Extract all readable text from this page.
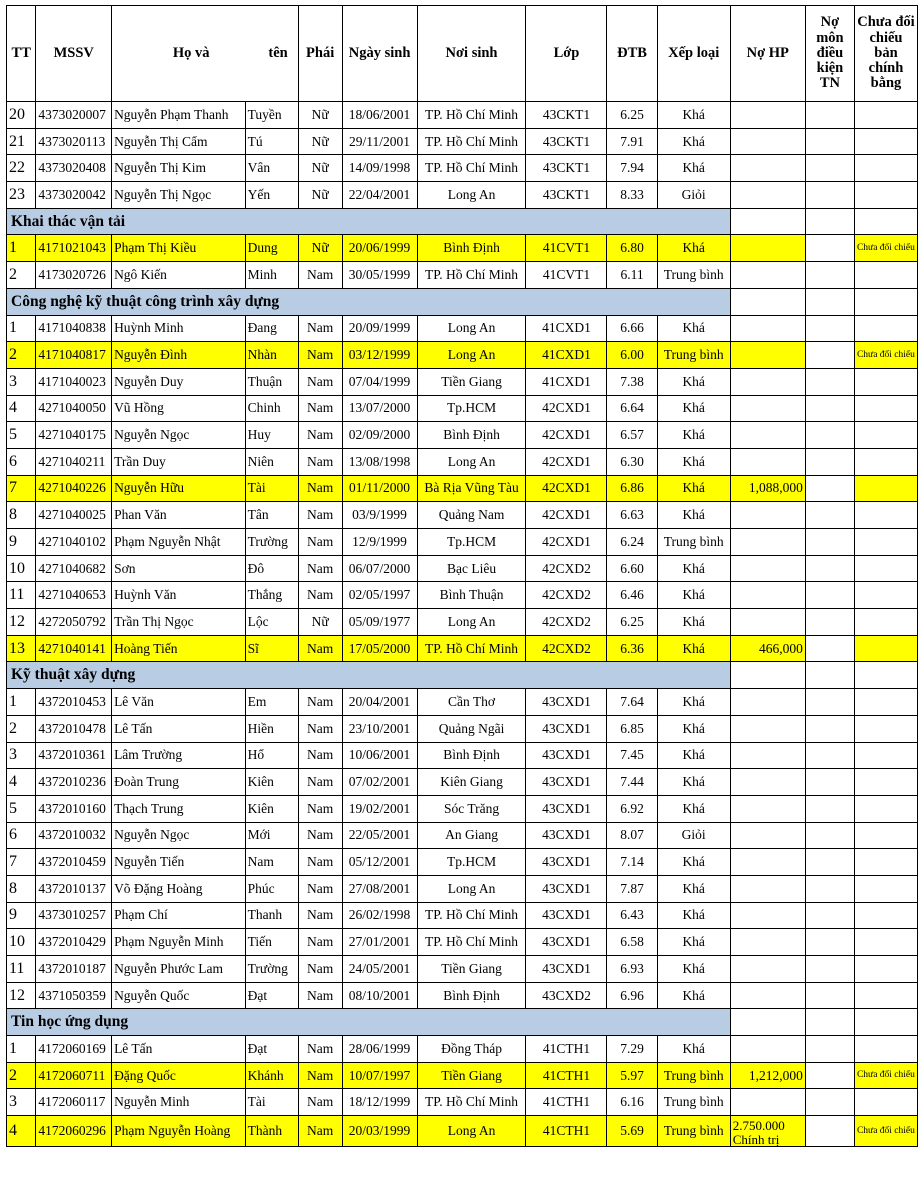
TT	MSSV	Họ và tên		Phái	Ngày sinh	Nơi sinh	Lớp	ĐTB	Xếp loại	Nợ HP	Nợ môn điều kiện TN	Chưa đối chiếu bản chính bằng
20	4373020007	Nguyễn Phạm Thanh	Tuyền	Nữ	18/06/2001	TP. Hồ Chí Minh	43CKT1	6.25	Khá			
21	4373020113	Nguyễn Thị Cẩm	Tú	Nữ	29/11/2001	TP. Hồ Chí Minh	43CKT1	7.91	Khá			
22	4373020408	Nguyễn Thị Kim	Vân	Nữ	14/09/1998	TP. Hồ Chí Minh	43CKT1	7.94	Khá			
23	4373020042	Nguyễn Thị Ngọc	Yến	Nữ	22/04/2001	Long An	43CKT1	8.33	Giỏi			
Khai thác vận tải												
1	4171021043	Phạm Thị Kiều	Dung	Nữ	20/06/1999	Bình Định	41CVT1	6.80	Khá			Chưa đối chiếu
2	4173020726	Ngô Kiến	Minh	Nam	30/05/1999	TP. Hồ Chí Minh	41CVT1	6.11	Trung bình			
Công nghệ kỹ thuật công trình xây dựng												
1	4171040838	Huỳnh Minh	Đang	Nam	20/09/1999	Long An	41CXD1	6.66	Khá			
2	4171040817	Nguyễn Đình	Nhàn	Nam	03/12/1999	Long An	41CXD1	6.00	Trung bình			Chưa đối chiếu
3	4171040023	Nguyễn Duy	Thuận	Nam	07/04/1999	Tiền Giang	41CXD1	7.38	Khá			
4	4271040050	Vũ Hồng	Chinh	Nam	13/07/2000	Tp.HCM	42CXD1	6.64	Khá			
5	4271040175	Nguyễn Ngọc	Huy	Nam	02/09/2000	Bình Định	42CXD1	6.57	Khá			
6	4271040211	Trần Duy	Niên	Nam	13/08/1998	Long An	42CXD1	6.30	Khá			
7	4271040226	Nguyễn Hữu	Tài	Nam	01/11/2000	Bà Rịa Vũng Tàu	42CXD1	6.86	Khá	1,088,000		
8	4271040025	Phan Văn	Tân	Nam	03/9/1999	Quảng Nam	42CXD1	6.63	Khá			
9	4271040102	Phạm Nguyễn Nhật	Trường	Nam	12/9/1999	Tp.HCM	42CXD1	6.24	Trung bình			
10	4271040682	Sơn	Đô	Nam	06/07/2000	Bạc Liêu	42CXD2	6.60	Khá			
11	4271040653	Huỳnh Văn	Thắng	Nam	02/05/1997	Bình Thuận	42CXD2	6.46	Khá			
12	4272050792	Trần Thị Ngọc	Lộc	Nữ	05/09/1977	Long An	42CXD2	6.25	Khá			
13	4271040141	Hoàng Tiến	Sĩ	Nam	17/05/2000	TP. Hồ Chí Minh	42CXD2	6.36	Khá	466,000		
Kỹ thuật xây dựng												
1	4372010453	Lê Văn	Em	Nam	20/04/2001	Cần Thơ	43CXD1	7.64	Khá			
2	4372010478	Lê Tấn	Hiền	Nam	23/10/2001	Quảng Ngãi	43CXD1	6.85	Khá			
3	4372010361	Lâm Trường	Hổ	Nam	10/06/2001	Bình Định	43CXD1	7.45	Khá			
4	4372010236	Đoàn Trung	Kiên	Nam	07/02/2001	Kiên Giang	43CXD1	7.44	Khá			
5	4372010160	Thạch Trung	Kiên	Nam	19/02/2001	Sóc Trăng	43CXD1	6.92	Khá			
6	4372010032	Nguyễn Ngọc	Mới	Nam	22/05/2001	An Giang	43CXD1	8.07	Giỏi			
7	4372010459	Nguyễn Tiến	Nam	Nam	05/12/2001	Tp.HCM	43CXD1	7.14	Khá			
8	4372010137	Võ Đặng Hoàng	Phúc	Nam	27/08/2001	Long An	43CXD1	7.87	Khá			
9	4373010257	Phạm Chí	Thanh	Nam	26/02/1998	TP. Hồ Chí Minh	43CXD1	6.43	Khá			
10	4372010429	Phạm Nguyễn Minh	Tiến	Nam	27/01/2001	TP. Hồ Chí Minh	43CXD1	6.58	Khá			
11	4372010187	Nguyễn Phước Lam	Trường	Nam	24/05/2001	Tiền Giang	43CXD1	6.93	Khá			
12	4371050359	Nguyễn Quốc	Đạt	Nam	08/10/2001	Bình Định	43CXD2	6.96	Khá			
Tin học ứng dụng												
1	4172060169	Lê Tấn	Đạt	Nam	28/06/1999	Đồng Tháp	41CTH1	7.29	Khá			
2	4172060711	Đặng Quốc	Khánh	Nam	10/07/1997	Tiền Giang	41CTH1	5.97	Trung bình	1,212,000		Chưa đối chiếu
3	4172060117	Nguyễn Minh	Tài	Nam	18/12/1999	TP. Hồ Chí Minh	41CTH1	6.16	Trung bình			
4	4172060296	Phạm Nguyễn Hoàng	Thành	Nam	20/03/1999	Long An	41CTH1	5.69	Trung bình	2.750.000 Chính trị		Chưa đối chiếu
